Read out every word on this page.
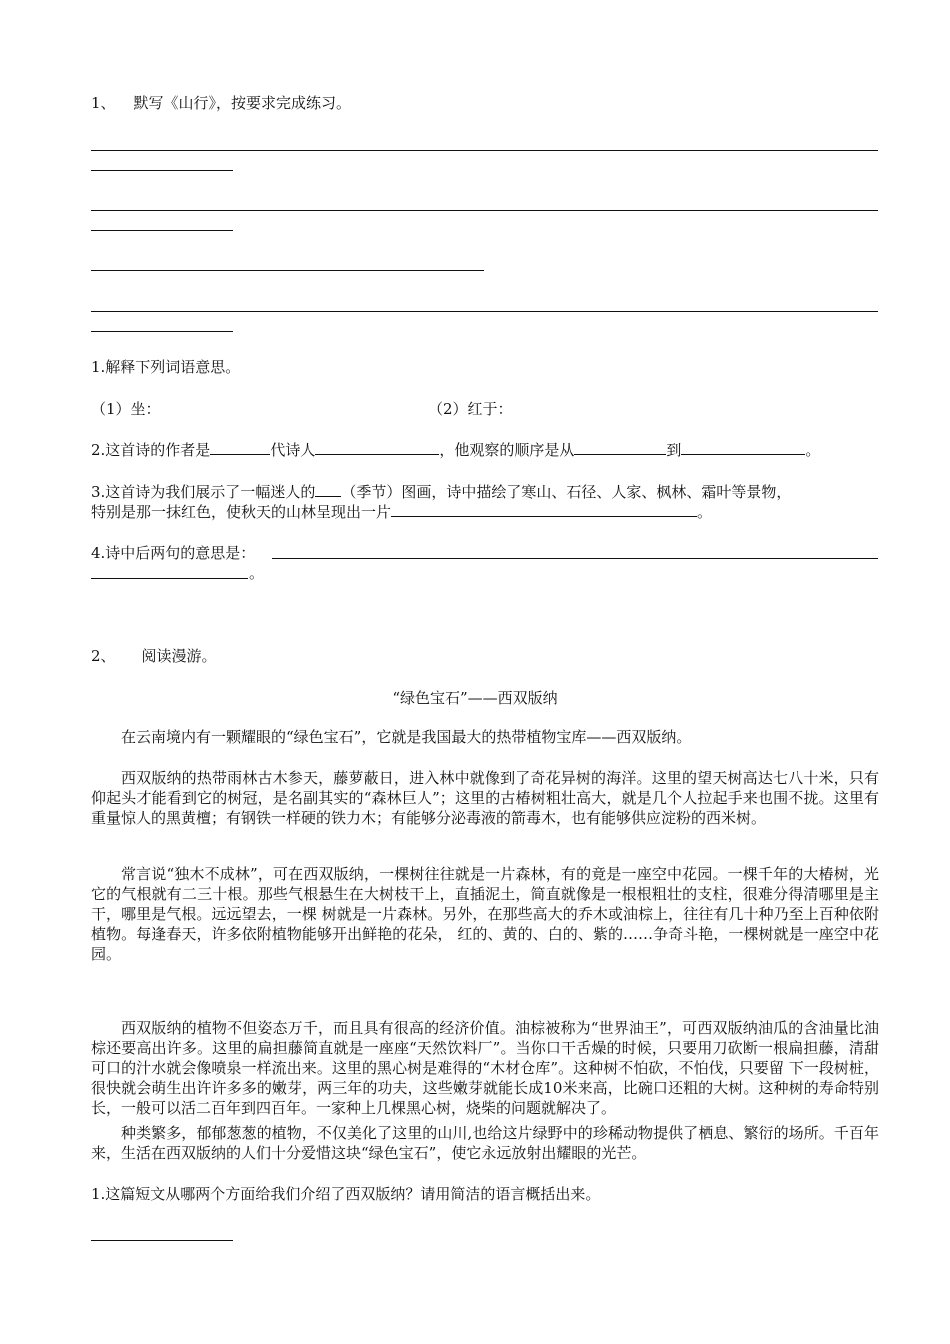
1、 默写《山行》，按要求完成练习。
1.解释下列词语意思。
（1）坐：	（2）红于：
2.这首诗的作者是	代诗人	，他观察的顺序是从	到	。
3.这首诗为我们展示了一幅迷人的 （季节）图画，诗中描绘了寒山、石径、人家、枫林、霜叶等景物，
特别是那一抹红色，使秋天的山林呈现出一片	。
4.诗中后两句的意思是：
。
2、 阅读漫游。
“绿色宝石”——西双版纳
在云南境内有一颗耀眼的“绿色宝石”，它就是我国最大的热带植物宝库——西双版纳。
西双版纳的热带雨林古木参天，藤萝蔽日，进入林中就像到了奇花异树的海洋。这里的望天树高达七八十米，只有仰起头才能看到它的树冠，是名副其实的“森林巨人”；这里的古椿树粗壮高大，就是几个人拉起手来也围不拢。这里有重量惊人的黑黄檀；有钢铁一样硬的铁力木；有能够分泌毒液的箭毒木，也有能够供应淀粉的西米树。
常言说“独木不成林”，可在西双版纳，一棵树往往就是一片森林，有的竟是一座空中花园。一棵千年的大椿树，光它的气根就有二三十根。那些气根悬生在大树枝干上，直插泥土，简直就像是一根根粗壮的支柱，很难分得清哪里是主干，哪里是气根。远远望去，一棵 树就是一片森林。另外，在那些高大的乔木或油棕上，往往有几十种乃至上百种依附植物。每逢春天，许多依附植物能够开出鲜艳的花朵， 红的、黄的、白的、紫的……争奇斗艳，一棵树就是一座空中花园。
西双版纳的植物不但姿态万千，而且具有很高的经济价值。油棕被称为“世界油王”，可西双版纳油瓜的含油量比油棕还要高出许多。这里的扁担藤简直就是一座座“天然饮料厂”。当你口干舌燥的时候，只要用刀砍断一根扁担藤，清甜可口的汁水就会像喷泉一样流出来。这里的黑心树是难得的“木材仓库”。这种树不怕砍，不怕伐，只要留 下一段树桩，很快就会萌生出许许多多的嫩芽，两三年的功夫，这些嫩芽就能长成10米来高，比碗口还粗的大树。这种树的寿命特别长，一般可以活二百年到四百年。一家种上几棵黑心树，烧柴的问题就解决了。
种类繁多，郁郁葱葱的植物，不仅美化了这里的山川,也给这片绿野中的珍稀动物提供了栖息、繁衍的场所。千百年来，生活在西双版纳的人们十分爱惜这块“绿色宝石”，使它永远放射出耀眼的光芒。
1.这篇短文从哪两个方面给我们介绍了西双版纳？请用简洁的语言概括出来。
